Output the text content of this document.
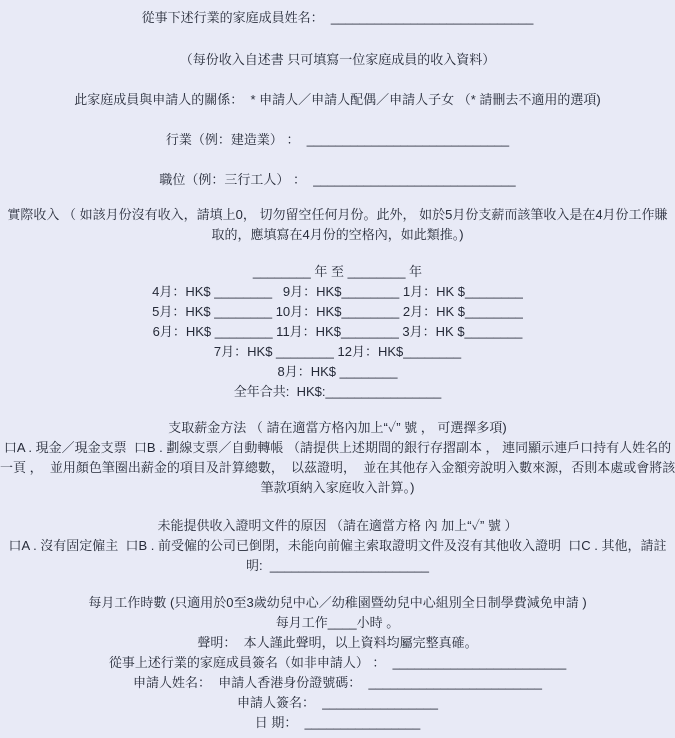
從事下述行業的家庭成員姓名：  ____________________________
（每份收入自述書 只可填寫一位家庭成員的收入資料）
此家庭成員與申請人的關係：  * 申請人／申請人配偶／申請人子女 （* 請刪去不適用的選項)
行業（例：建造業） ：  ____________________________
職位（例：三行工人） ：  ____________________________
實際收入 （ 如該月份沒有收入，請填上0， 切勿留空任何月份。此外， 如於5月份支薪而該筆收入是在4月份工作賺
取的，應填寫在4月份的空格內，如此類推。)
________ 年 至 ________ 年
4月：HK$ ________   9月：HK$________ 1月：HK $________
5月：HK$ ________ 10月：HK$________ 2月：HK $________
6月：HK$ ________ 11月：HK$________ 3月：HK $________
7月：HK$ ________ 12月：HK$________
8月：HK$ ________
全年合共:  HK$:________________
支取薪金方法 （ 請在適當方格內加上“✓” 號 ， 可選擇多項)
口A . 現金／現金支票  口B . 劃線支票／自動轉帳 （請提供上述期間的銀行存摺副本 ， 連同顯示連戶口持有人姓名的
一頁 ，  並用顏色筆圈出薪金的項目及計算總數，  以茲證明，  並在其他存入金額旁說明入數來源，否則本處或會將該
筆款項納入家庭收入計算。)
未能提供收入證明文件的原因 （請在適當方格 內 加上“✓” 號 ）
口A . 沒有固定僱主  口B . 前受僱的公司已倒閉，未能向前僱主索取證明文件及沒有其他收入證明  口C . 其他，請註
明:  ______________________
每月工作時數 (只適用於0至3歲幼兒中心／幼稚園暨幼兒中心組別全日制學費減免申請 )
每月工作____小時 。
聲明：  本人謹此聲明，以上資料均屬完整真確。
從事上述行業的家庭成員簽名（如非申請人） ：  ________________________
申請人姓名：  申請人香港身份證號碼：  ________________________
申請人簽名：  ________________
日 期：  ________________
